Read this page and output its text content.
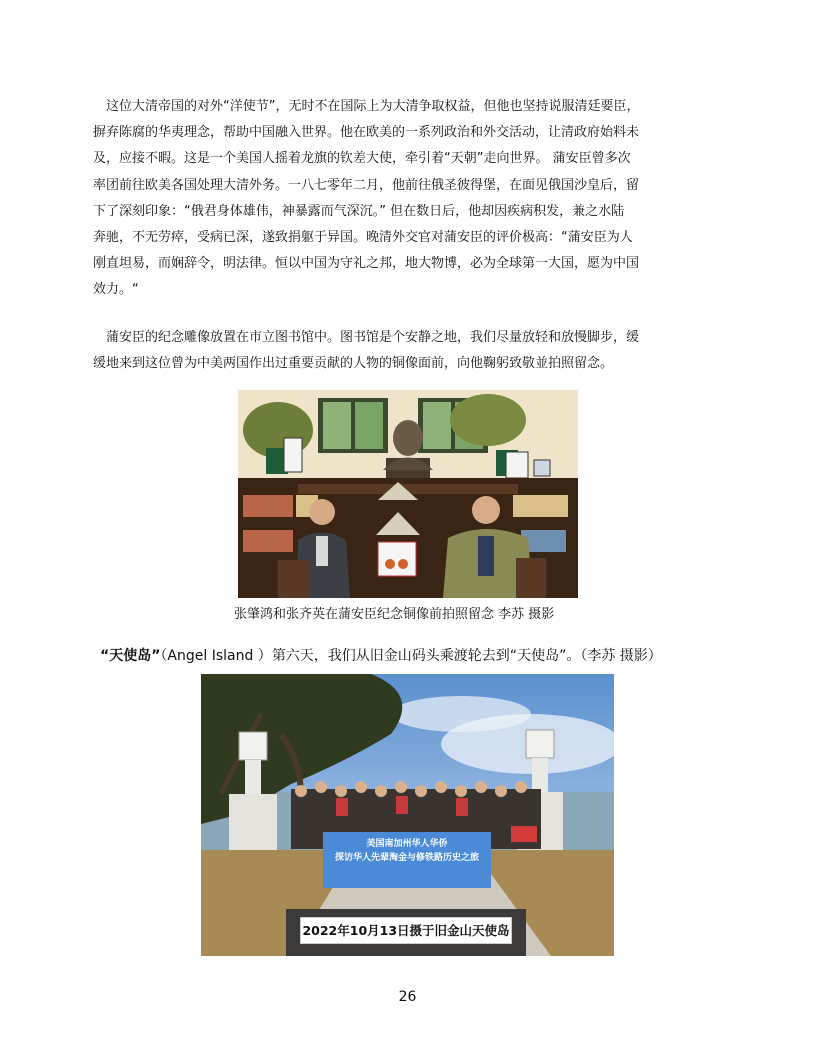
这位大清帝国的对外“洋使节”，无时不在国际上为大清争取权益，但他也坚持说服清廷要臣，
摒弃陈腐的华夷理念，帮助中国融入世界。他在欧美的一系列政治和外交活动，让清政府始料未
及，应接不暇。这是一个美国人摇着龙旗的钦差大使，牵引着“天朝”走向世界。 蒲安臣曾多次
率团前往欧美各国处理大清外务。一八七零年二月，他前往俄圣彼得堡，在面见俄国沙皇后，留
下了深刻印象：“俄君身体雄伟，神暴露而气深沉。” 但在数日后，他却因疾病积发，兼之水陆
奔驰，不无劳瘁，受病已深，遂致捐躯于异国。晚清外交官对蒲安臣的评价极高：“蒲安臣为人
刚直坦易，而娴辞令，明法律。恒以中国为守礼之邦，地大物博，必为全球第一大国，愿为中国
效力。“
蒲安臣的纪念雕像放置在市立图书馆中。图书馆是个安静之地，我们尽量放轻和放慢脚步，缓
缓地来到这位曾为中美两国作出过重要贡献的人物的铜像面前，向他鞠躬致敬並拍照留念。
张肇鸿和张齐英在蒲安臣纪念铜像前拍照留念 李苏 摄影
“天使岛”（Angel Island ）第六天，我们从旧金山码头乘渡轮去到“天使岛”。（李苏 摄影）
美国南加州华人华侨
探访华人先辈淘金与修铁路历史之旅
2022年10月13日摄于旧金山天使岛
26
